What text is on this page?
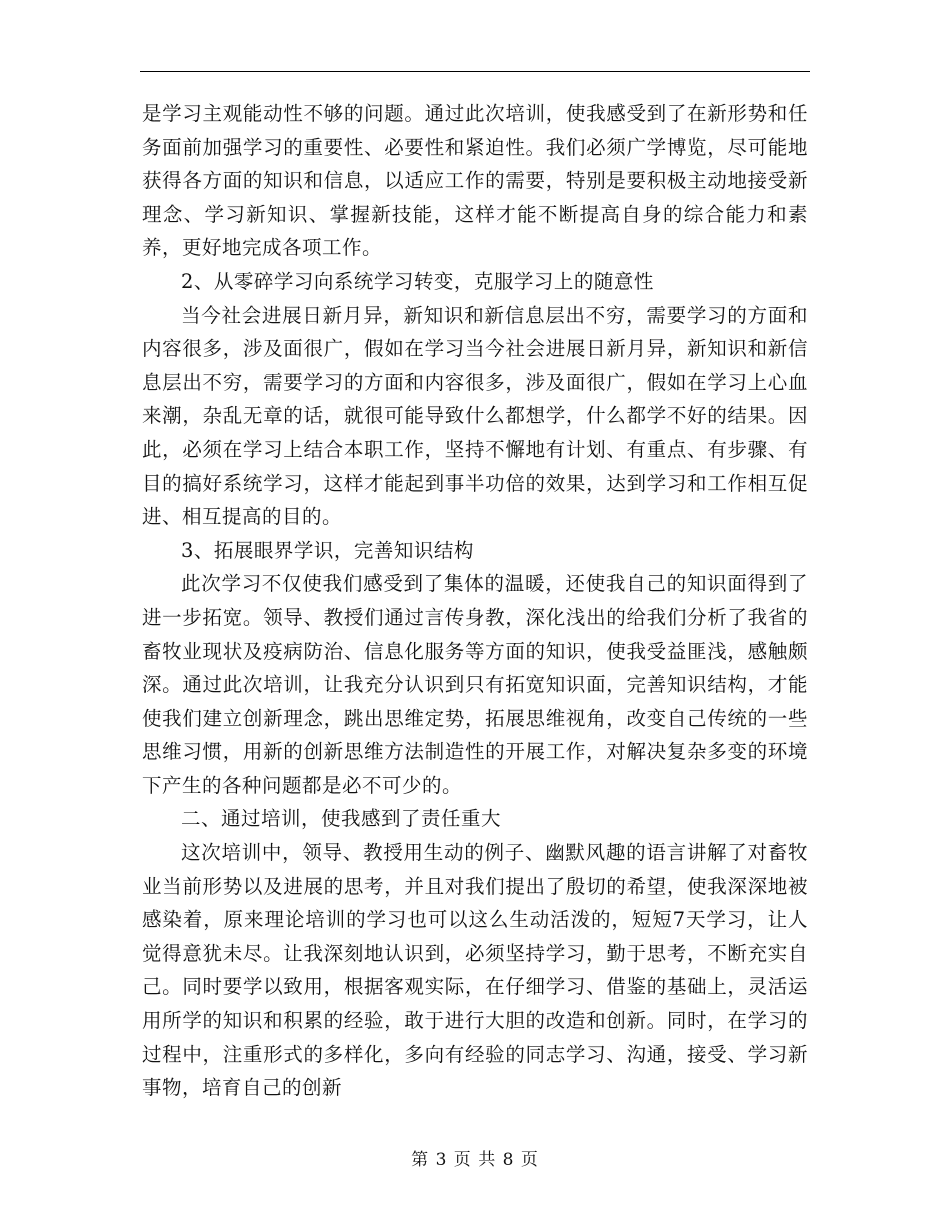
是学习主观能动性不够的问题。通过此次培训，使我感受到了在新形势和任务面前加强学习的重要性、必要性和紧迫性。我们必须广学博览，尽可能地获得各方面的知识和信息，以适应工作的需要，特别是要积极主动地接受新理念、学习新知识、掌握新技能，这样才能不断提高自身的综合能力和素养，更好地完成各项工作。

2、从零碎学习向系统学习转变，克服学习上的随意性

当今社会进展日新月异，新知识和新信息层出不穷，需要学习的方面和内容很多，涉及面很广，假如在学习当今社会进展日新月异，新知识和新信息层出不穷，需要学习的方面和内容很多，涉及面很广，假如在学习上心血来潮，杂乱无章的话，就很可能导致什么都想学，什么都学不好的结果。因此，必须在学习上结合本职工作，坚持不懈地有计划、有重点、有步骤、有目的搞好系统学习，这样才能起到事半功倍的效果，达到学习和工作相互促进、相互提高的目的。

3、拓展眼界学识，完善知识结构

此次学习不仅使我们感受到了集体的温暖，还使我自己的知识面得到了进一步拓宽。领导、教授们通过言传身教，深化浅出的给我们分析了我省的畜牧业现状及疫病防治、信息化服务等方面的知识，使我受益匪浅，感触颇深。通过此次培训，让我充分认识到只有拓宽知识面，完善知识结构，才能使我们建立创新理念，跳出思维定势，拓展思维视角，改变自己传统的一些思维习惯，用新的创新思维方法制造性的开展工作，对解决复杂多变的环境下产生的各种问题都是必不可少的。

二、通过培训，使我感到了责任重大

这次培训中，领导、教授用生动的例子、幽默风趣的语言讲解了对畜牧业当前形势以及进展的思考，并且对我们提出了殷切的希望，使我深深地被感染着，原来理论培训的学习也可以这么生动活泼的，短短7天学习，让人觉得意犹未尽。让我深刻地认识到，必须坚持学习，勤于思考，不断充实自己。同时要学以致用，根据客观实际，在仔细学习、借鉴的基础上，灵活运用所学的知识和积累的经验，敢于进行大胆的改造和创新。同时，在学习的过程中，注重形式的多样化，多向有经验的同志学习、沟通，接受、学习新事物，培育自己的创新

第 3 页 共 8 页
